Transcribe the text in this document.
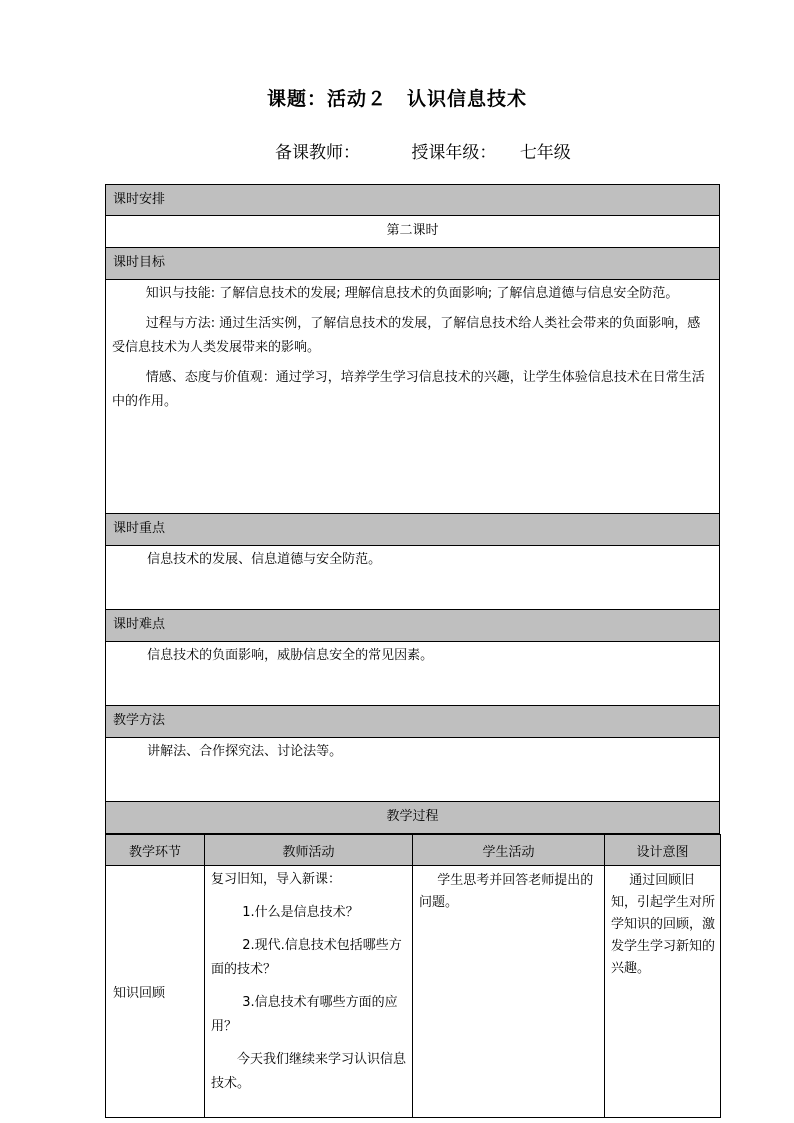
课题：活动２　认识信息技术
备课教师：	授课年级： 七年级
课时安排
第二课时
课时目标

知识与技能: 了解信息技术的发展; 理解信息技术的负面影响; 了解信息道德与信息安全防范。

过程与方法: 通过生活实例，了解信息技术的发展，了解信息技术给人类社会带来的负面影响，感受信息技术为人类发展带来的影响。

情感、态度与价值观：通过学习，培养学生学习信息技术的兴趣，让学生体验信息技术在日常生活中的作用。

课时重点

信息技术的发展、信息道德与安全防范。

课时难点

信息技术的负面影响，威胁信息安全的常见因素。

教学方法

讲解法、合作探究法、讨论法等。

教学过程
教学环节	教师活动	学生活动	设计意图
知识回顾	复习旧知，导入新课：

1.什么是信息技术？

2.现代.信息技术包括哪些方面的技术？

3.信息技术有哪些方面的应用？

今天我们继续来学习认识信息技术。	学生思考并回答老师提出的问题。	通过回顾旧知，引起学生对所学知识的回顾，激发学生学习新知的兴趣。
